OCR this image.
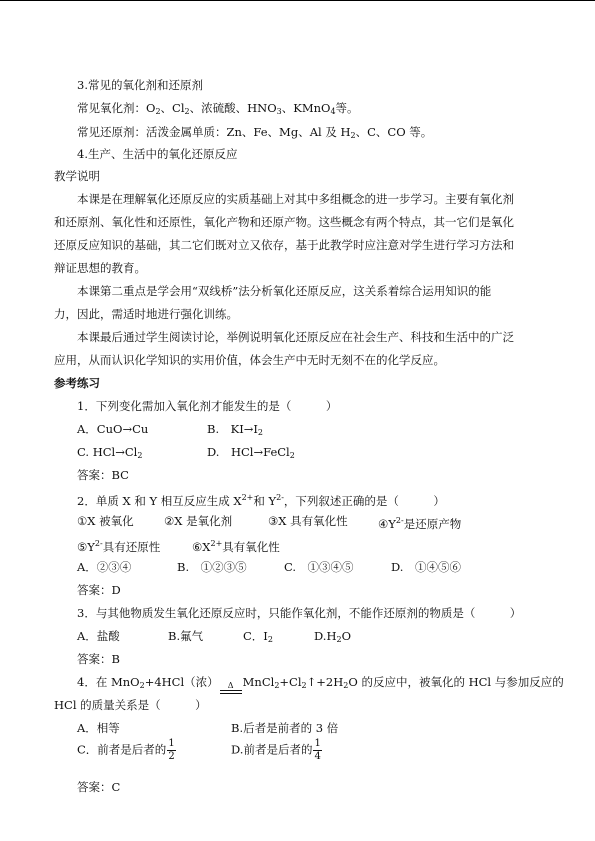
3.常见的氧化剂和还原剂
常见氧化剂：$O_2$、$Cl_2$、浓硫酸、$HNO_3$、KMnO$_4$等。
常见还原剂：活泼金属单质：Zn、Fe、Mg、Al 及 $H_2$、C、CO 等。
4.生产、生活中的氧化还原反应
教学说明
本课是在理解氧化还原反应的实质基础上对其中多组概念的进一步学习。主要有氧化剂
和还原剂、氧化性和还原性，氧化产物和还原产物。这些概念有两个特点，其一它们是氧化
还原反应知识的基础，其二它们既对立又依存，基于此教学时应注意对学生进行学习方法和
辩证思想的教育。
本课第二重点是学会用“双线桥”法分析氧化还原反应，这关系着综合运用知识的能
力，因此，需适时地进行强化训练。
本课最后通过学生阅读讨论，举例说明氧化还原反应在社会生产、科技和生活中的广泛
应用，从而认识化学知识的实用价值，体会生产中无时无刻不在的化学反应。
参考练习
1．下列变化需加入氧化剂才能发生的是（　　　）
A．CuO→Cu	B.　$KI\to I_2$
C. $HCl\to Cl_2$	D.　HCl→FeCl$_2$
答案：BC
2．单质 X 和 Y 相互反应生成 $X^{2+}$和 $Y^{2-}$，下列叙述正确的是（　　　）
①X 被氧化	②X 是氧化剂	③X 具有氧化性	$④Y^{2-}$是还原产物
$⑤Y^{2-}$具有还原性	$⑥X^{2+}$具有氧化性
A．②③④	B.　①②③⑤	C.　①③④⑤	D.　①④⑤⑥
答案：D
3．与其他物质发生氧化还原反应时，只能作氧化剂，不能作还原剂的物质是（　　　）
A．盐酸	B.氟气	C．$I_2$	$D.H_2O$
答案：B
4．在 MnO$_2$+4HCl（浓）	Δ $MnCl_2+Cl_2↑+2H_2O$ 的反应中，被氧化的 HCl 与参加反应的
HCl 的质量关系是（　　　）
A．相等	B.后者是前者的 3 倍
C．前者是后者的 $\frac{1}{2}$	D.前者是后者的 $\frac{1}{4}$
答案：C
